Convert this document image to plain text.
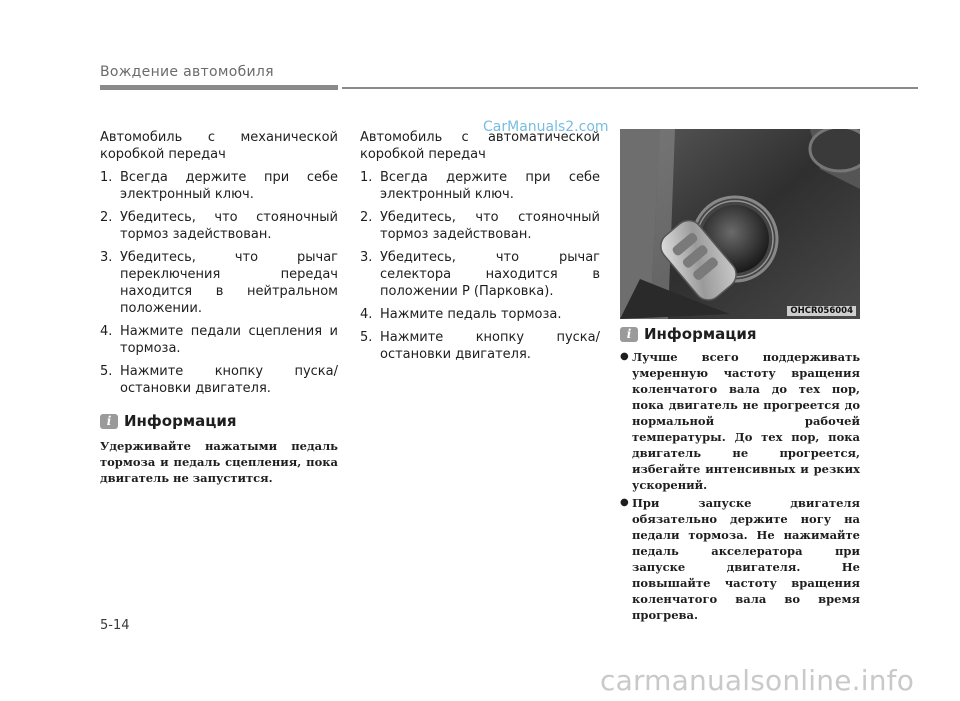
Вождение автомобиля

Автомобиль с механической

коробкой передач

1. Всегда держите при себе электронный ключ.
2. Убедитесь, что стояночный тормоз задействован.
3. Убедитесь, что рычаг переключения передач находится в нейтральном положении.
4. Нажмите педали сцепления и тормоза.
5. Нажмите кнопку пуска/остановки двигателя.
i Информация
Удерживайте нажатыми педаль тормоза и педаль сцепления, пока двигатель не запустится.

Автомобиль с автоматической

коробкой передач

1. Всегда держите при себе электронный ключ.
2. Убедитесь, что стояночный тормоз задействован.
3. Убедитесь, что рычаг селектора находится в положении P (Парковка).
4. Нажмите педаль тормоза.
5. Нажмите кнопку пуска/остановки двигателя.
OHCR056004
i Информация
● Лучше всего поддерживать умеренную частоту вращения коленчатого вала до тех пор, пока двигатель не прогреется до нормальной рабочей температуры. До тех пор, пока двигатель не прогреется, избегайте интенсивных и резких ускорений.
● При запуске двигателя обязательно держите ногу на педали тормоза. Не нажимайте педаль акселератора при запуске двигателя. Не повышайте частоту вращения коленчатого вала во время прогрева.
5-14
CarManuals2.com
carmanualsonline.info
